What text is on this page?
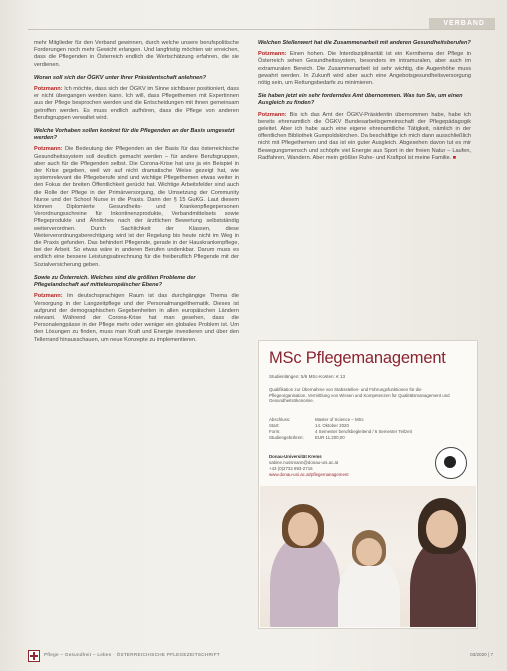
VERBAND

mehr Mitglieder für den Verband gewinnen, durch welche unsere berufspolitische Forderungen noch mehr Gewicht erlangen. Und langfristig möchten wir erreichen, dass die Pflegenden in Österreich endlich die Wertschätzung erfahren, die sie verdienen.

Woran soll sich der ÖGKV unter Ihrer Präsidentschaft anlehnen?

Potzmann: Ich möchte, dass sich der ÖGKV im Sinne sichtbarer positioniert, dass er nicht übergangen werden kann. Ich will, dass Pflegethemen mit Expertinnen aus der Pflege besprochen werden und die Entscheidungen mit ihnen gemeinsam getroffen werden. Es muss endlich aufhören, dass die Pflege von anderen Berufsgruppen verwaltet wird.

Welche Vorhaben sollen konkret für die Pflegenden an der Basis umgesetzt werden?

Potzmann: Die Bedeutung der Pflegenden an der Basis für das österreichische Gesundheitssystem soll deutlich gemacht werden – für andere Berufsgruppen, aber auch für die Pflegenden selbst. Die Corona-Krise hat uns ja ein Beispiel in der Krise gegeben, weil wir auf nicht dramatische Weise gezeigt hat, wie systemrelevant die Pflegeberufe sind und wichtige Pflegethemen etwas weiter in den Fokus der breiten Öffentlichkeit gerückt hat. Wichtige Arbeitsfelder sind auch die Rolle der Pflege in der Primärversorgung, die Umsetzung der Community Nurse und der School Nurse in die Praxis. Dann der § 15 GuKG. Laut diesem können Diplomierte Gesundheits- und Krankenpflegepersonen Verordnungsschreine für Inkontinenzprodukte, Verbandmittelsets sowie Pflegeprodukte und Ähnliches nach der ärztlichen Bewertung selbstständig weiterverordnen. Durch Sachlichkeit der Klassen, diese Weiterverordnungsberechtigung wird ist der Regelung bis heute nicht im Weg in die Praxis gefunden. Das behindert Pflegende, gerade in der Hauskrankenpflege, bei der Arbeit. So etwas wäre in anderen Berufen undenkbar. Darum muss es endlich eine bessere Leistungsabrechnung für die freiberuflich Pflegende mit der Sozialversicherung geben.

Sowie zu Österreich. Welches sind die größten Probleme der Pflegelandschaft auf mitteleuropäischer Ebene?

Potzmann: Im deutschsprachigen Raum ist das durchgängige Thema die Versorgung in der Langzeitpflege und der Personalmangelthematik. Dieses ist aufgrund der demographischen Gegebenheiten in allen europäischen Ländern relevant. Während der Corona-Krise hat man gesehen, dass die Personalengpässe in der Pflege mehr oder weniger ein globales Problem ist. Um den Lösungen zu finden, muss man Kraft und Energie investieren und über den Tellerrand hinausschauen, um neue Konzepte zu implementieren.

Welchen Stellenwert hat die Zusammenarbeit mit anderen Gesundheitsberufen?

Potzmann: Einen hohen. Die Interdisziplinarität ist ein Kernthema der Pflege in Österreich sehen Gesundheitssystem, besonders im intramuralen, aber auch im extramuralen Bereich. Die Zusammenarbeit ist sehr wichtig, die Augenhöhe muss gewahrt werden. In Zukunft wird aber auch eine Angebotsgesundheitsversorgung nötig sein, um Rettungsbedarfe zu minimieren.

Sie haben jetzt ein sehr forderndes Amt übernommen. Was tun Sie, um einen Ausgleich zu finden?

Potzmann: Bis ich das Amt der ÖGKV-Präsidentin übernommen habe, habe ich bereits ehrenamtlich die ÖGKV Bundesarbeitsgemeinschaft der Pflegepädagogik geleitet. Aber ich habe auch eine eigene ehrenamtliche Tätigkeit, nämlich in der öffentlichen Bibliothek Gumpoldskirchen. Da beschäftige ich mich dann ausschließlich nicht mit Pflegethemen und das ist ein guter Ausgleich. Abgesehen davon tut es mir Bewegungsmensch und schöpfe viel Energie aus Sport in der freien Natur – Laufen, Radfahren, Wandern. Aber mein größter Ruhe- und Kraftpol ist meine Familie. ■

MSc Pflegemanagement
Studienlängen: 5/6 MSc-Kosten: € 13
Qualifikation zur Übernahme von Stabsstellen- und Führungsfunktionen für die Pflegeorganisation, Vermittlung von Wissen und Kompetenzen für Qualitätsmanagement und Gesundheitsökonomie.
Abschluss:	Master of Science – MSc
Start:	14. Oktober 2020
Form:	4 Semester berufsbegleitend / 6 Semester Teilzeit
Studiengebühren:	EUR 11.200,00
Donau-Universität Krems
sabine.nussmann@donau-uni.ac.at
+43 (0)2732 893-2716
www.donau-uni.ac.at/pflegemanagement
Pflege – Gesundheit – Leben · ÖSTERREICHISCHE PFLEGEZEITSCHRIFT	03/2020 | 7
